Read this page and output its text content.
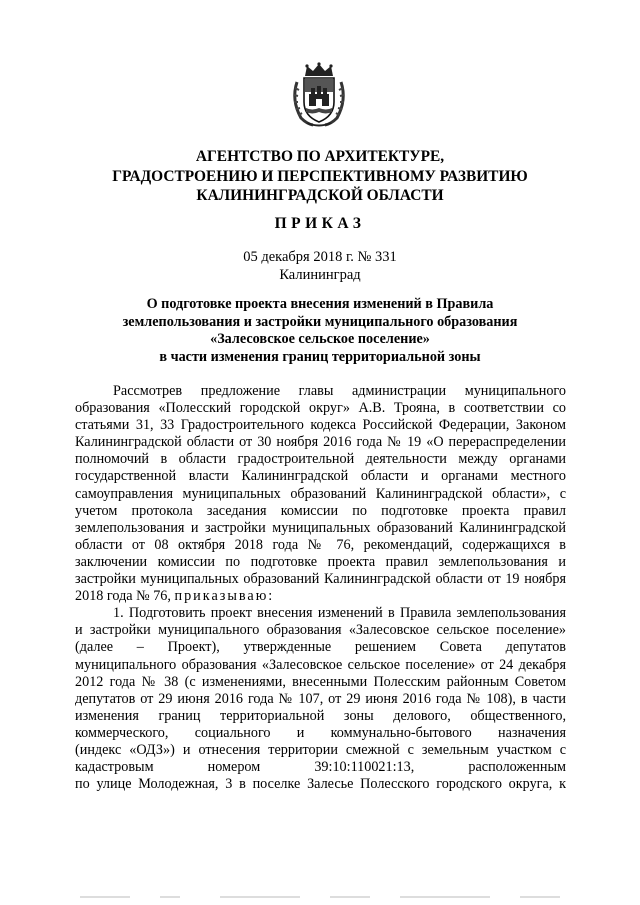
АГЕНТСТВО ПО АРХИТЕКТУРЕ,
ГРАДОСТРОЕНИЮ И ПЕРСПЕКТИВНОМУ РАЗВИТИЮ
КАЛИНИНГРАДСКОЙ ОБЛАСТИ
ПРИКАЗ
05 декабря 2018 г. № 331
Калининград
О подготовке проекта внесения изменений в Правила
землепользования и застройки муниципального образования
«Залесовское сельское поселение»
в части изменения границ территориальной зоны
Рассмотрев предложение главы администрации муниципального
образования «Полесский городской округ» А.В. Трояна, в соответствии со
статьями 31, 33 Градостроительного кодекса Российской Федерации, Законом
Калининградской области от 30 ноября 2016 года № 19 «О перераспределении
полномочий в области градостроительной деятельности между органами
государственной власти Калининградской области и органами местного
самоуправления муниципальных образований Калининградской области», с
учетом протокола заседания комиссии по подготовке проекта правил
землепользования и застройки муниципальных образований Калининградской
области от 08 октября 2018 года № 76, рекомендаций, содержащихся в
заключении комиссии по подготовке проекта правил землепользования и
застройки муниципальных образований Калининградской области от 19 ноября
2018 года № 76, приказываю:
1. Подготовить проект внесения изменений в Правила землепользования
и застройки муниципального образования «Залесовское сельское поселение»
(далее – Проект), утвержденные решением Совета депутатов
муниципального образования «Залесовское сельское поселение» от 24 декабря
2012 года № 38 (с изменениями, внесенными Полесским районным Советом
депутатов от 29 июня 2016 года № 107, от 29 июня 2016 года № 108), в части
изменения границ территориальной зоны делового, общественного,
коммерческого, социального и коммунально-бытового назначения
(индекс «ОДЗ») и отнесения территории смежной с земельным участком с
кадастровым номером 39:10:110021:13, расположенным
по улице Молодежная, 3 в поселке Залесье Полесского городского округа, к
